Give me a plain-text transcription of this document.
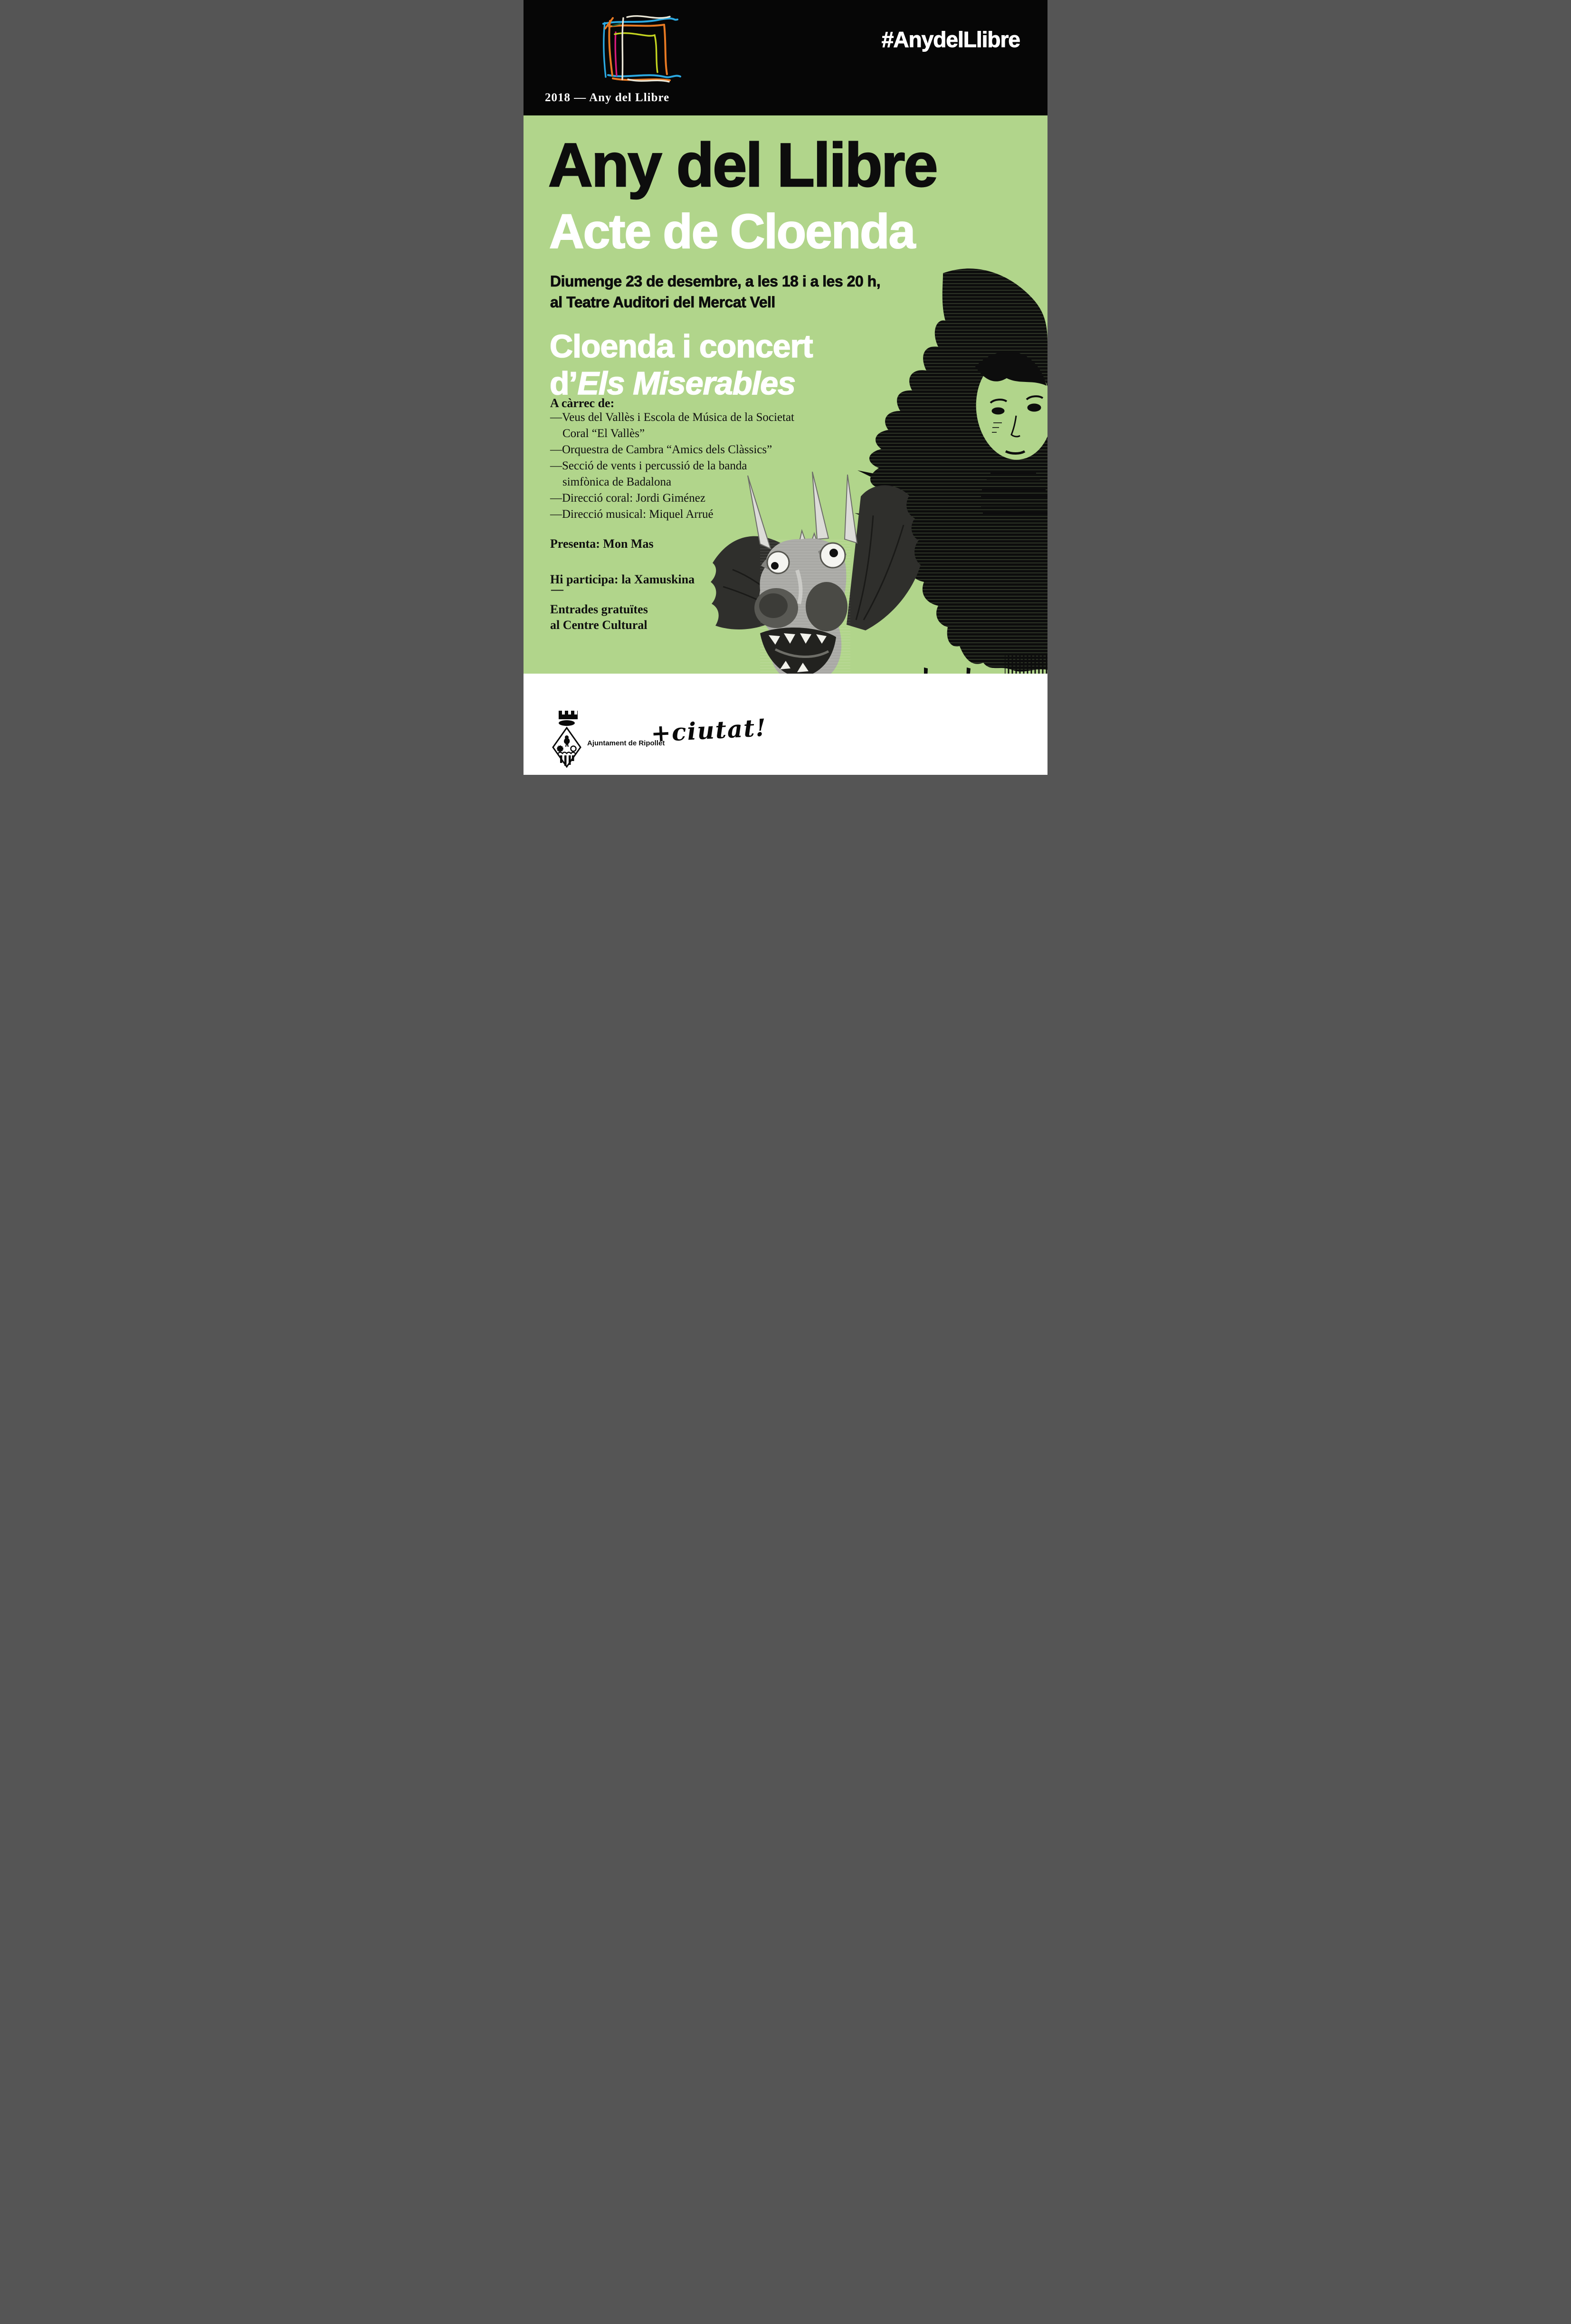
2018 — Any del Llibre
#AnydelLlibre
Any del Llibre
Acte de Cloenda
Diumenge 23 de desembre, a les 18 i a les 20 h,
al Teatre Auditori del Mercat Vell
Cloenda i concert
d’Els Miserables
A càrrec de:
—Veus del Vallès i Escola de Música de la Societat
Coral “El Vallès”
—Orquestra de Cambra “Amics dels Clàssics”
—Secció de vents i percussió de la banda
simfònica de Badalona
—Direcció coral: Jordi Giménez
—Direcció musical: Miquel Arrué
Presenta: Mon Mas
Hi participa: la Xamuskina
—
Entrades gratuïtes
al Centre Cultural
Ajuntament de Ripollet
+ciutat!
